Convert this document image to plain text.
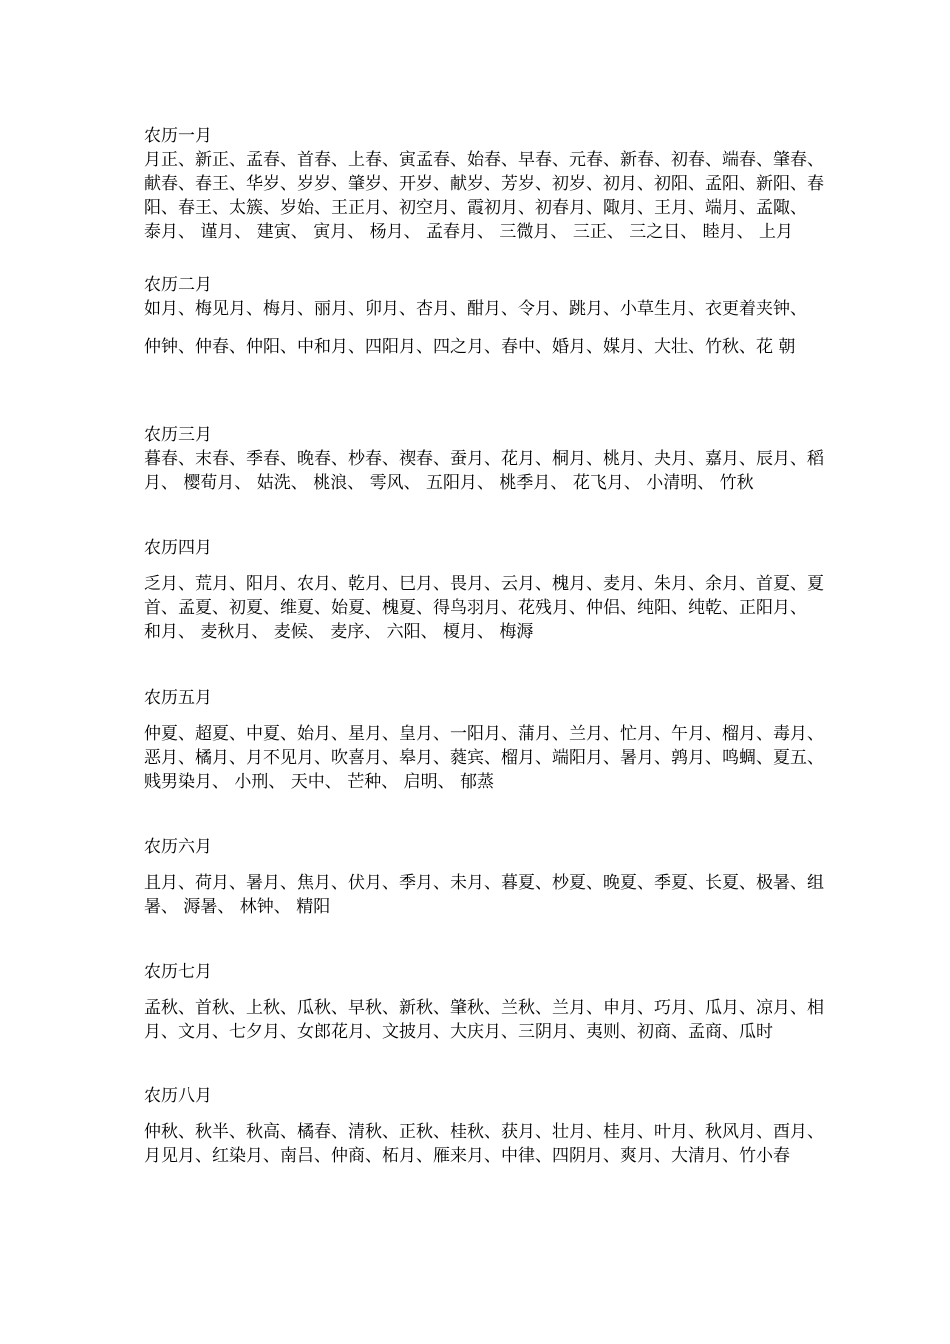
农历一月
月正、新正、孟春、首春、上春、寅孟春、始春、早春、元春、新春、初春、端春、肇春、
献春、春王、华岁、岁岁、肇岁、开岁、献岁、芳岁、初岁、初月、初阳、孟阳、新阳、春
阳、春王、太簇、岁始、王正月、初空月、霞初月、初春月、陬月、王月、端月、孟陬、
泰月、 谨月、 建寅、 寅月、 杨月、 孟春月、 三微月、 三正、 三之日、 睦月、 上月
农历二月
如月、梅见月、梅月、丽月、卯月、杏月、酣月、令月、跳月、小草生月、衣更着夹钟、
仲钟、仲春、仲阳、中和月、四阳月、四之月、春中、婚月、媒月、大壮、竹秋、花 朝
农历三月
暮春、末春、季春、晚春、杪春、禊春、蚕月、花月、桐月、桃月、夬月、嘉月、辰月、稻
月、 樱荀月、 姑洗、 桃浪、 雩风、 五阳月、 桃季月、 花飞月、 小清明、 竹秋
农历四月
乏月、荒月、阳月、农月、乾月、巳月、畏月、云月、槐月、麦月、朱月、余月、首夏、夏
首、孟夏、初夏、维夏、始夏、槐夏、得鸟羽月、花残月、仲侣、纯阳、纯乾、正阳月、
和月、 麦秋月、 麦候、 麦序、 六阳、 榎月、 梅溽
农历五月
仲夏、超夏、中夏、始月、星月、皇月、一阳月、蒲月、兰月、忙月、午月、榴月、毒月、
恶月、橘月、月不见月、吹喜月、皋月、蕤宾、榴月、端阳月、暑月、鹑月、鸣蜩、夏五、
贱男染月、 小刑、 天中、 芒种、 启明、 郁蒸
农历六月
且月、荷月、暑月、焦月、伏月、季月、未月、暮夏、杪夏、晚夏、季夏、长夏、极暑、组
暑、 溽暑、 林钟、 精阳
农历七月
孟秋、首秋、上秋、瓜秋、早秋、新秋、肇秋、兰秋、兰月、申月、巧月、瓜月、凉月、相
月、文月、七夕月、女郎花月、文披月、大庆月、三阴月、夷则、初商、孟商、瓜时
农历八月
仲秋、秋半、秋高、橘春、清秋、正秋、桂秋、获月、壮月、桂月、叶月、秋风月、酉月、
月见月、红染月、南吕、仲商、柘月、雁来月、中律、四阴月、爽月、大清月、竹小春
